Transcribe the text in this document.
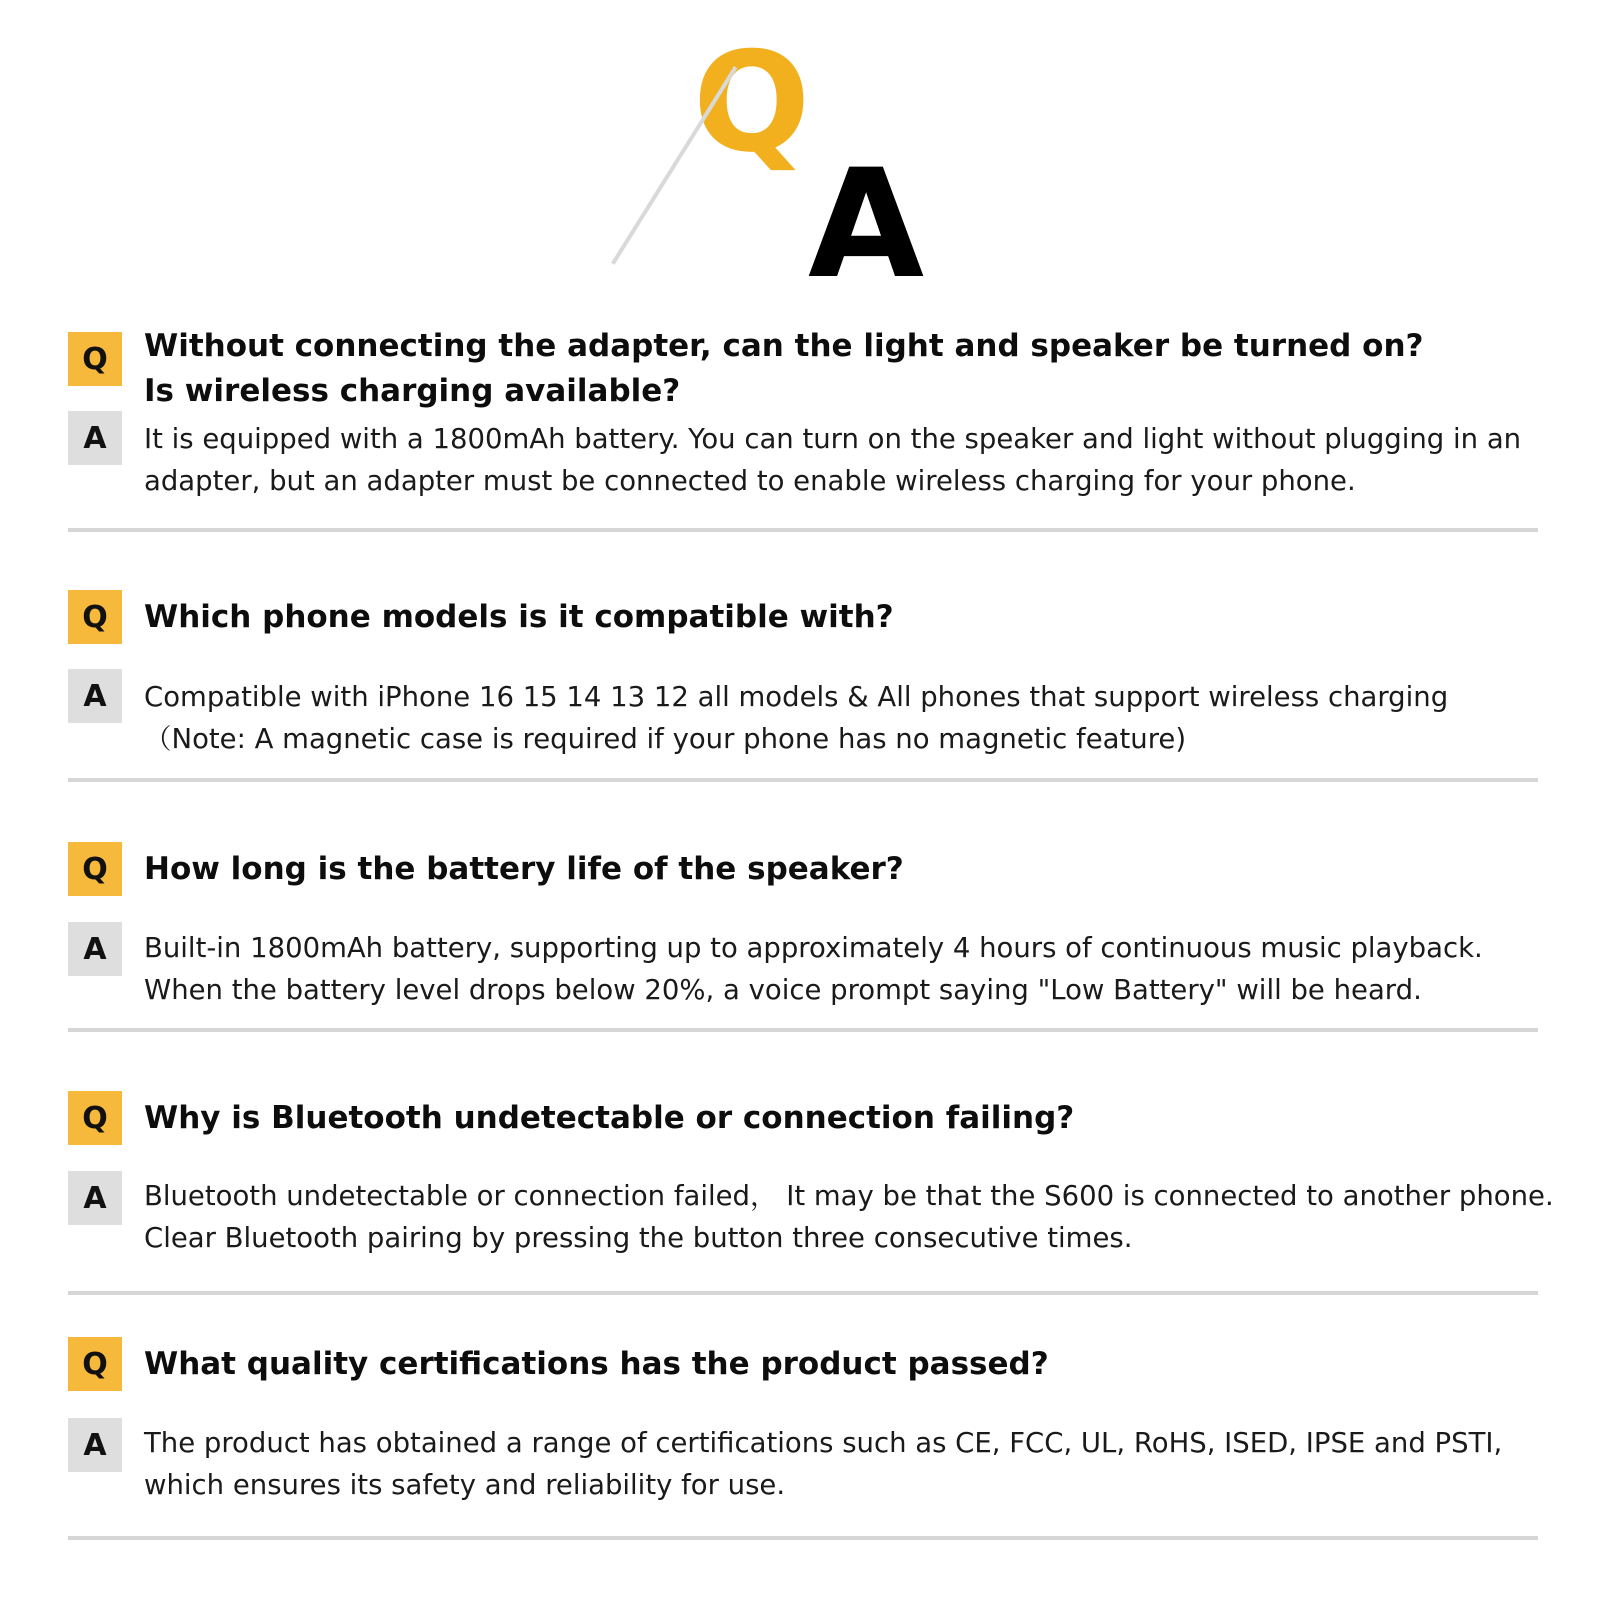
Q
A
Q	Without connecting the adapter, can the light and speaker be turned on?
Is wireless charging available?
A	It is equipped with a 1800mAh battery. You can turn on the speaker and light without plugging in an
adapter, but an adapter must be connected to enable wireless charging for your phone.
Q	Which phone models is it compatible with?
A	Compatible with iPhone 16 15 14 13 12 all models & All phones that support wireless charging
（Note: A magnetic case is required if your phone has no magnetic feature)
Q	How long is the battery life of the speaker?
A	Built-in 1800mAh battery, supporting up to approximately 4 hours of continuous music playback.
When the battery level drops below 20%, a voice prompt saying "Low Battery" will be heard.
Q	Why is Bluetooth undetectable or connection failing?
A	Bluetooth undetectable or connection failed， It may be that the S600 is connected to another phone.
Clear Bluetooth pairing by pressing the button three consecutive times.
Q	What quality certifications has the product passed?
A	The product has obtained a range of certifications such as CE, FCC, UL, RoHS, ISED, IPSE and PSTI,
which ensures its safety and reliability for use.
